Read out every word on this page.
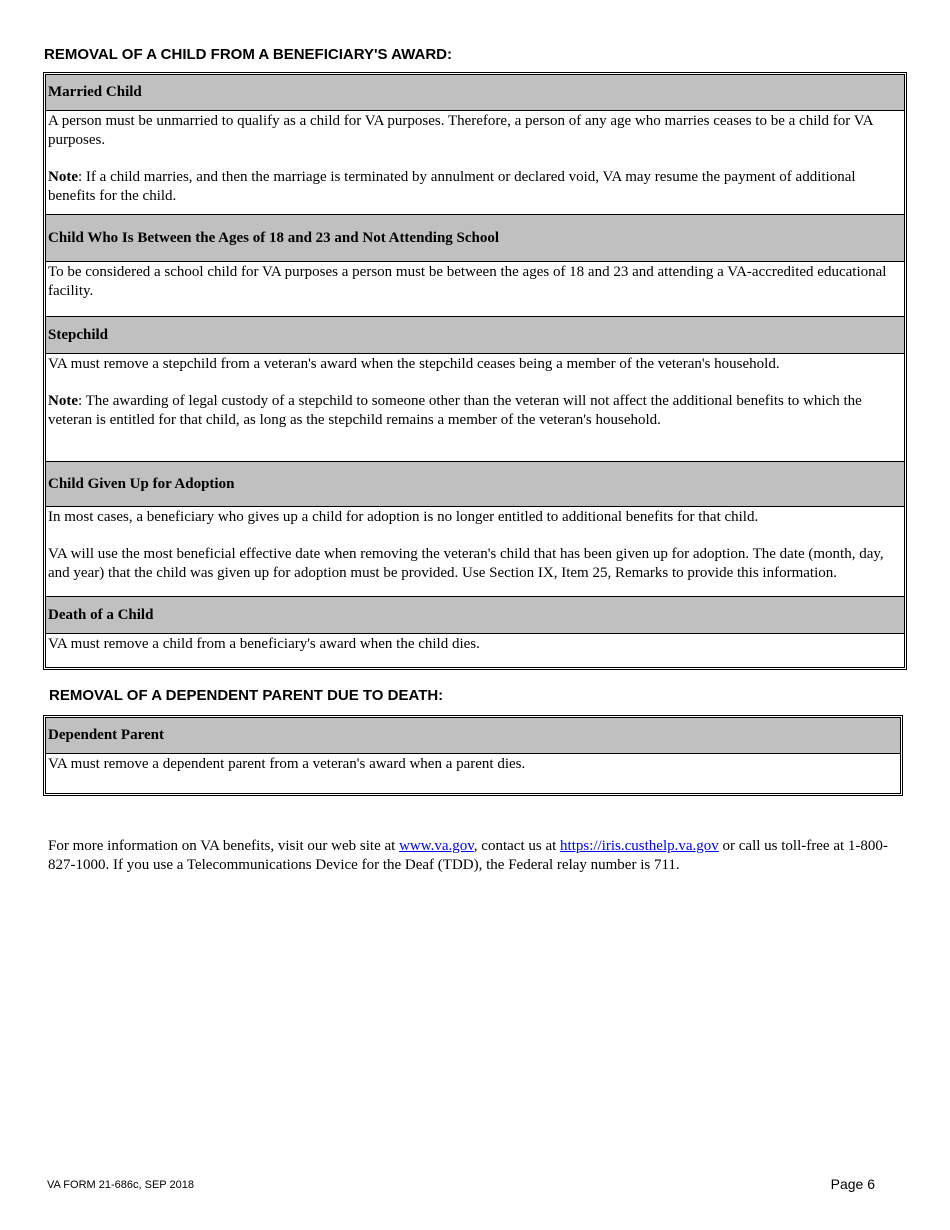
REMOVAL OF A CHILD FROM A BENEFICIARY'S AWARD:
Married Child

A person must be unmarried to qualify as a child for VA purposes. Therefore, a person of any age who marries ceases to be a child for VA purposes.

Note: If a child marries, and then the marriage is terminated by annulment or declared void, VA may resume the payment of additional benefits for the child.

Child Who Is Between the Ages of 18 and 23 and Not Attending School

To be considered a school child for VA purposes a person must be between the ages of 18 and 23 and attending a VA-accredited educational facility.

Stepchild

VA must remove a stepchild from a veteran's award when the stepchild ceases being a member of the veteran's household.

Note: The awarding of legal custody of a stepchild to someone other than the veteran will not affect the additional benefits to which the veteran is entitled for that child, as long as the stepchild remains a member of the veteran's household.

Child Given Up for Adoption

In most cases, a beneficiary who gives up a child for adoption is no longer entitled to additional benefits for that child.

VA will use the most beneficial effective date when removing the veteran's child that has been given up for adoption. The date (month, day, and year) that the child was given up for adoption must be provided. Use Section IX, Item 25, Remarks to provide this information.

Death of a Child

VA must remove a child from a beneficiary's award when the child dies.

REMOVAL OF A DEPENDENT PARENT DUE TO DEATH:
Dependent Parent

VA must remove a dependent parent from a veteran's award when a parent dies.

For more information on VA benefits, visit our web site at www.va.gov, contact us at https://iris.custhelp.va.gov or call us toll-free at 1-800-827-1000. If you use a Telecommunications Device for the Deaf (TDD), the Federal relay number is 711.

VA FORM 21-686c, SEP 2018	Page 6
